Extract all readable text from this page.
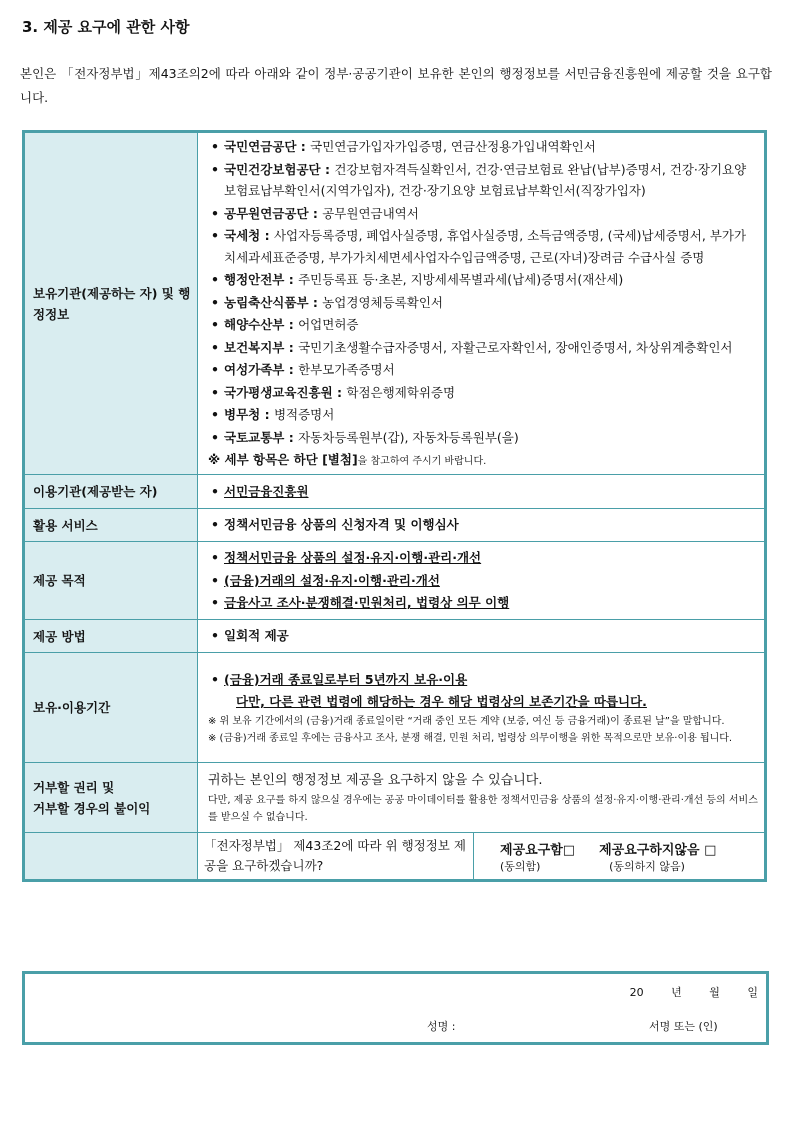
3. 제공 요구에 관한 사항
본인은 「전자정부법」제43조의2에 따라 아래와 같이 정부·공공기관이 보유한 본인의 행정정보를 서민금융진흥원에 제공할 것을 요구합니다.
보유기관(제공하는 자) 및 행정정보	
• 국민연금공단 : 국민연금가입자가입증명, 연금산정용가입내역확인서
• 국민건강보험공단 : 건강보험자격득실확인서, 건강·연금보험료 완납(납부)증명서, 건강·장기요양 보험료납부확인서(지역가입자), 건강·장기요양 보험료납부확인서(직장가입자)
• 공무원연금공단 : 공무원연금내역서
• 국세청 : 사업자등록증명, 폐업사실증명, 휴업사실증명, 소득금액증명, (국세)납세증명서, 부가가치세과세표준증명, 부가가치세면세사업자수입금액증명, 근로(자녀)장려금 수급사실 증명
• 행정안전부 : 주민등록표 등·초본, 지방세세목별과세(납세)증명서(재산세)
• 농림축산식품부 : 농업경영체등록확인서
• 해양수산부 : 어업면허증
• 보건복지부 : 국민기초생활수급자증명서, 자활근로자확인서, 장애인증명서, 차상위계층확인서
• 여성가족부 : 한부모가족증명서
• 국가평생교육진흥원 : 학점은행제학위증명
• 병무청 : 병적증명서
• 국토교통부 : 자동차등록원부(갑), 자동차등록원부(을)
※ 세부 항목은 하단 [별첨]을 참고하여 주시기 바랍니다.

이용기관(제공받는 자)	
•서민금융진흥원

활용 서비스	
•정책서민금융 상품의 신청자격 및 이행심사

제공 목적	
• 정책서민금융 상품의 설정·유지·이행·관리·개선
• (금융)거래의 설정·유지·이행·관리·개선
• 금융사고 조사·분쟁해결·민원처리, 법령상 의무 이행

제공 방법	
•일회적 제공

보유·이용기간	
• (금융)거래 종료일로부터 5년까지 보유·이용
다만, 다른 관련 법령에 해당하는 경우 해당 법령상의 보존기간을 따릅니다.
※ 위 보유 기간에서의 (금융)거래 종료일이란 “거래 중인 모든 계약 (보증, 여신 등 금융거래)이 종료된 날”을 말합니다.
※ (금융)거래 종료일 후에는 금융사고 조사, 분쟁 해결, 민원 처리, 법령상 의무이행을 위한 목적으로만 보유·이용 됩니다.

거부할 권리 및
거부할 경우의 불이익

귀하는 본인의 행정정보 제공을 요구하지 않을 수 있습니다.
다만, 제공 요구를 하지 않으실 경우에는 공공 마이데이터를 활용한 정책서민금융 상품의 설정·유지·이행·관리·개선 등의 서비스를 받으실 수 없습니다.

「전자정부법」 제43조2에 따라 위 행정정보 제공을 요구하겠습니까?	
제공요구함□
(동의함)
제공요구하지않음 □
(동의하지 않음)
20	년	월	일
성명 :	서명 또는 (인)
